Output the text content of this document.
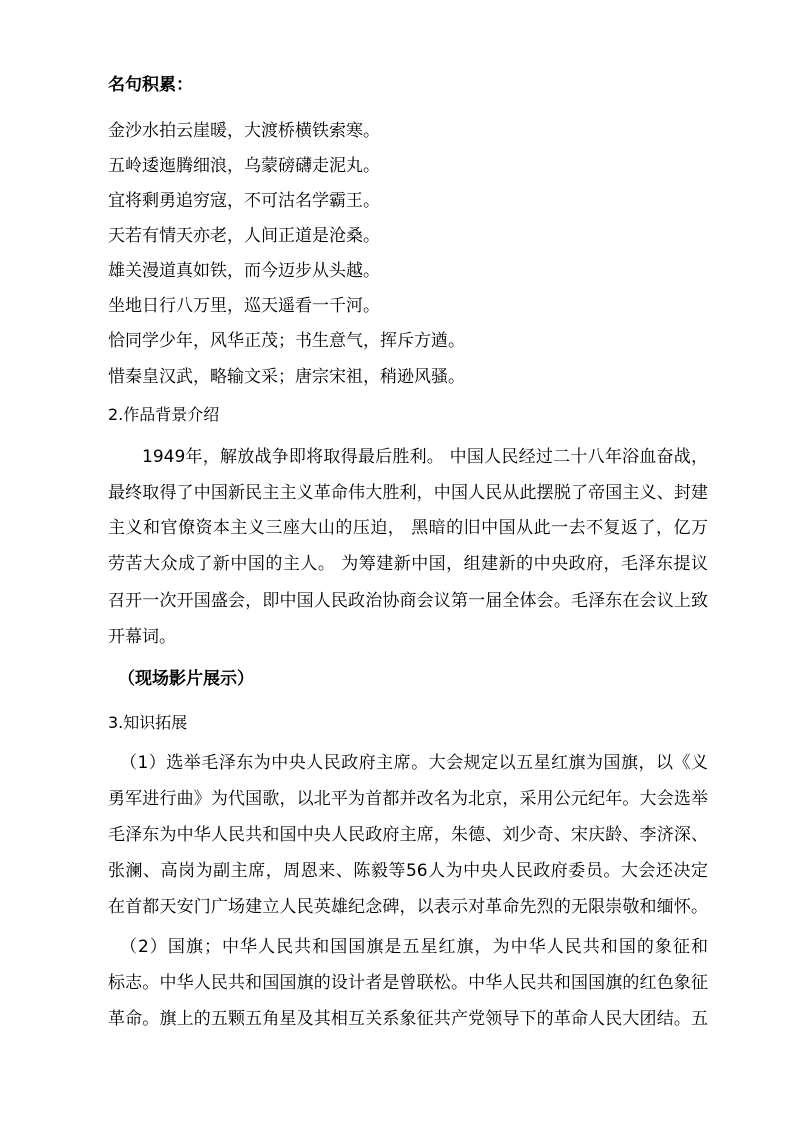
名句积累：
金沙水拍云崖暖，大渡桥横铁索寒。
五岭逶迤腾细浪，乌蒙磅礴走泥丸。
宜将剩勇追穷寇，不可沽名学霸王。
天若有情天亦老，人间正道是沧桑。
雄关漫道真如铁，而今迈步从头越。
坐地日行八万里，巡天遥看一千河。
恰同学少年，风华正茂；书生意气，挥斥方遒。
惜秦皇汉武，略输文采；唐宗宋祖，稍逊风骚。
2.作品背景介绍
1949年，解放战争即将取得最后胜利。 中国人民经过二十八年浴血奋战，
最终取得了中国新民主主义革命伟大胜利，中国人民从此摆脱了帝国主义、封建
主义和官僚资本主义三座大山的压迫， 黑暗的旧中国从此一去不复返了，亿万
劳苦大众成了新中国的主人。 为筹建新中国，组建新的中央政府，毛泽东提议
召开一次开国盛会，即中国人民政治协商会议第一届全体会。毛泽东在会议上致
开幕词。
（现场影片展示）
3.知识拓展
（1）选举毛泽东为中央人民政府主席。大会规定以五星红旗为国旗，以《义
勇军进行曲》为代国歌，以北平为首都并改名为北京，采用公元纪年。大会选举
毛泽东为中华人民共和国中央人民政府主席，朱德、刘少奇、宋庆龄、李济深、
张澜、高岗为副主席，周恩来、陈毅等56人为中央人民政府委员。大会还决定
在首都天安门广场建立人民英雄纪念碑，以表示对革命先烈的无限崇敬和缅怀。
（2）国旗；中华人民共和国国旗是五星红旗，为中华人民共和国的象征和
标志。中华人民共和国国旗的设计者是曾联松。中华人民共和国国旗的红色象征
革命。旗上的五颗五角星及其相互关系象征共产党领导下的革命人民大团结。五
